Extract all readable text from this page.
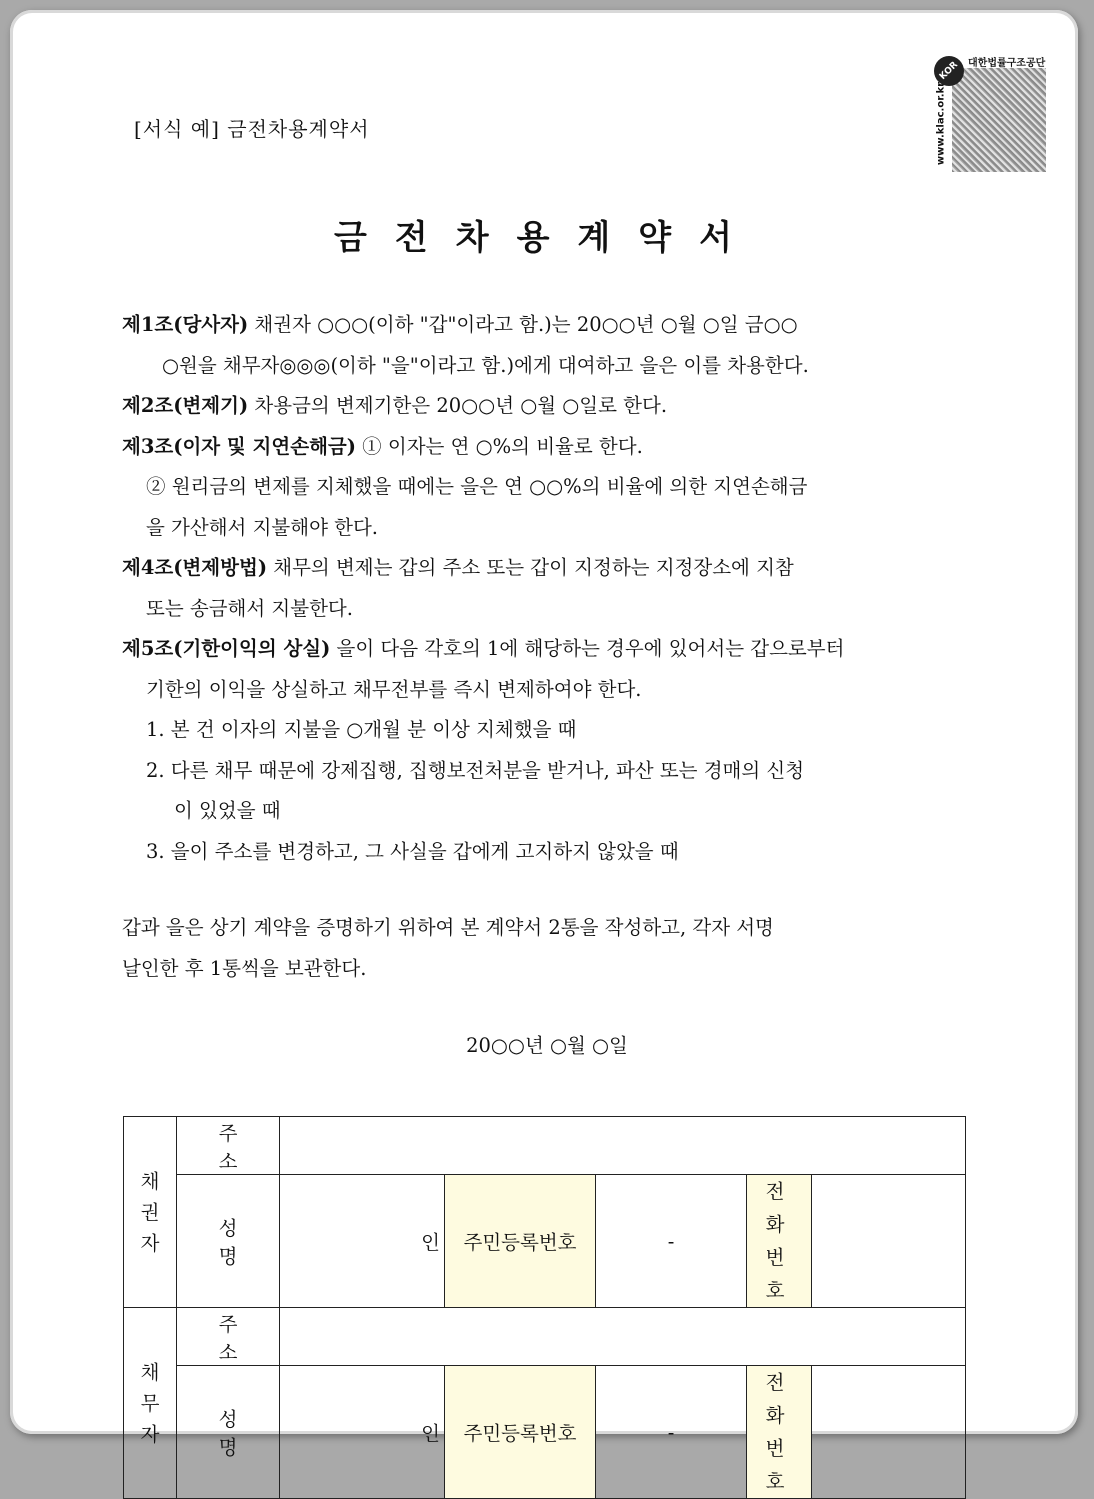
[서식 예] 금전차용계약서
KOR 대한법률구조공단
www.klac.or.kr
금전차용계약서

제1조(당사자) 채권자 ○○○(이하 "갑"이라고 함.)는 20○○년 ○월 ○일 금○○

○원을 채무자◎◎◎(이하 "을"이라고 함.)에게 대여하고 을은 이를 차용한다.

제2조(변제기) 차용금의 변제기한은 20○○년 ○월 ○일로 한다.

제3조(이자 및 지연손해금) ① 이자는 연 ○%의 비율로 한다.

② 원리금의 변제를 지체했을 때에는 을은 연 ○○%의 비율에 의한 지연손해금

을 가산해서 지불해야 한다.

제4조(변제방법) 채무의 변제는 갑의 주소 또는 갑이 지정하는 지정장소에 지참

또는 송금해서 지불한다.

제5조(기한이익의 상실) 을이 다음 각호의 1에 해당하는 경우에 있어서는 갑으로부터

기한의 이익을 상실하고 채무전부를 즉시 변제하여야 한다.

1. 본 건 이자의 지불을 ○개월 분 이상 지체했을 때

2. 다른 채무 때문에 강제집행, 집행보전처분을 받거나, 파산 또는 경매의 신청

이 있었을 때

3. 을이 주소를 변경하고, 그 사실을 갑에게 고지하지 않았을 때

갑과 을은 상기 계약을 증명하기 위하여 본 계약서 2통을 작성하고, 각자 서명

날인한 후 1통씩을 보관한다.

20○○년 ○월 ○일
채권자	주 소					
	성 명	인	주민등록번호	-	전화번호	
채무자	주 소					
	성 명	인	주민등록번호	-	전화번호	
